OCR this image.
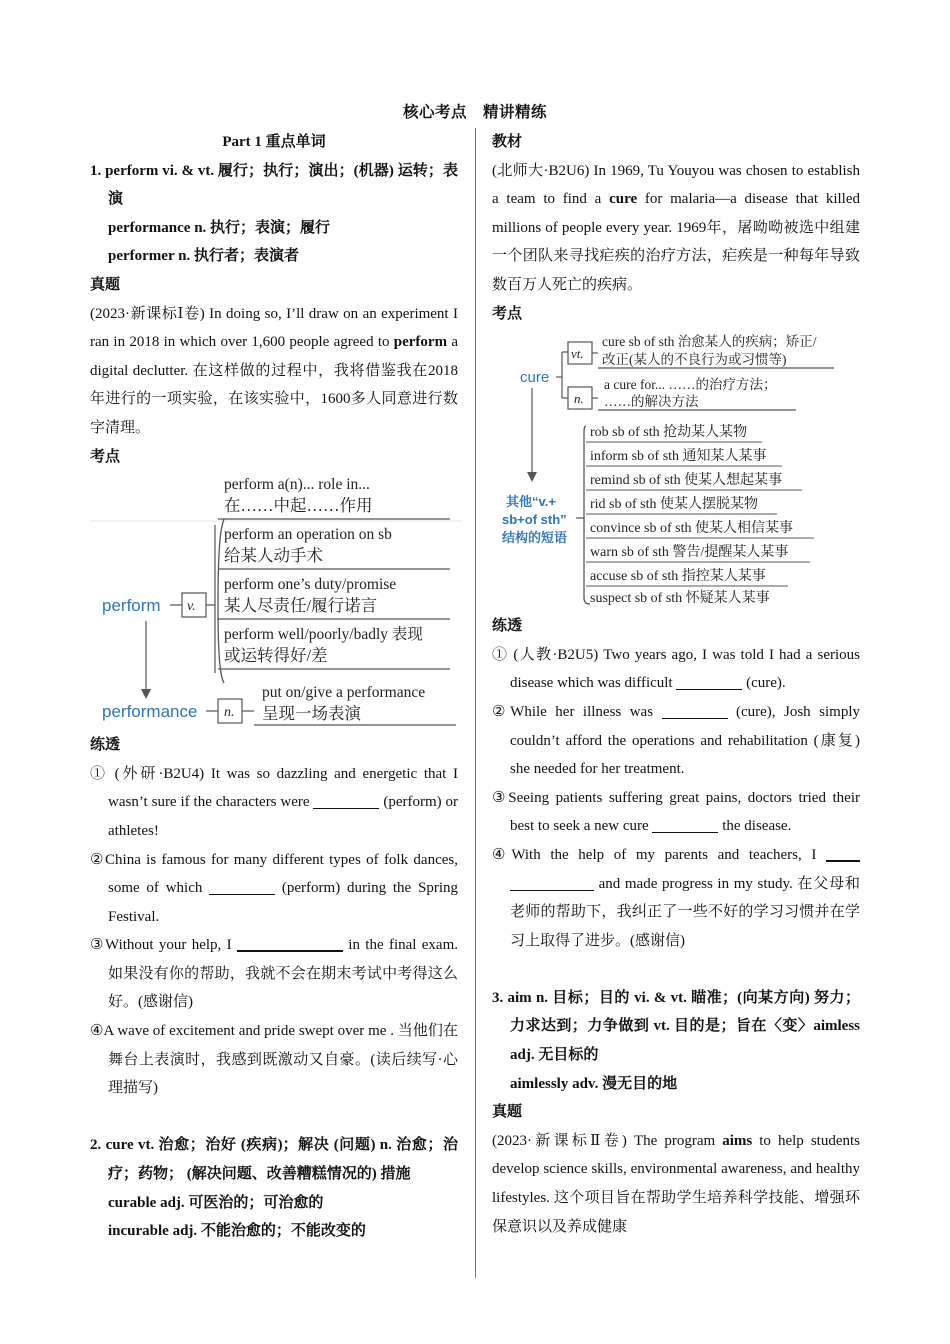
核心考点　精讲精练

Part 1 重点单词

1. perform vi. & vt. 履行；执行；演出；(机器) 运转；表演

performance n. 执行；表演；履行

performer n. 执行者；表演者

真题

(2023·新课标Ⅰ卷) In doing so, I’ll draw on an experiment I ran in 2018 in which over 1,600 people agreed to perform a digital declutter. 在这样做的过程中，我将借鉴我在2018年进行的一项实验，在该实验中，1600多人同意进行数字清理。

考点

perform v.
perform a(n)... role in...
在……中起……作用
perform an operation on sb
给某人动手术
perform one’s duty/promise
某人尽责任/履行诺言
perform well/poorly/badly 表现
或运转得好/差
performance n.
put on/give a performance
呈现一场表演

练透

① (外研·B2U4) It was so dazzling and energetic that I wasn’t sure if the characters were	(perform) or athletes!

②China is famous for many different types of folk dances, some of which	(perform) during the Spring Festival.

③Without your help, I	in the final exam. 如果没有你的帮助，我就不会在期末考试中考得这么好。(感谢信)

④A wave of excitement and pride swept over me . 当他们在舞台上表演时，我感到既激动又自豪。(读后续写·心理描写)

2. cure vt. 治愈；治好 (疾病)；解决 (问题) n. 治愈；治疗；药物； (解决问题、改善糟糕情况的) 措施

curable adj. 可医治的；可治愈的

incurable adj. 不能治愈的；不能改变的

教材

(北师大·B2U6) In 1969, Tu Youyou was chosen to establish a team to find a cure for malaria—a disease that killed millions of people every year. 1969年，屠呦呦被选中组建一个团队来寻找疟疾的治疗方法，疟疾是一种每年导致数百万人死亡的疾病。

考点

cure
vt.
cure sb of sth 治愈某人的疾病；矫正/
改正(某人的不良行为或习惯等)
n.
a cure for... ……的治疗方法；
……的解决方法
其他“v.+
sb+of sth”
结构的短语
rob sb of sth 抢劫某人某物
inform sb of sth 通知某人某事
remind sb of sth 使某人想起某事
rid sb of sth 使某人摆脱某物
convince sb of sth 使某人相信某事
warn sb of sth 警告/提醒某人某事
accuse sb of sth 指控某人某事
suspect sb of sth 怀疑某人某事

练透

① (人教·B2U5) Two years ago, I was told I had a serious disease which was difficult	(cure).

②While her illness was	(cure), Josh simply couldn’t afford the operations and rehabilitation (康复) she needed for her treatment.

③Seeing patients suffering great pains, doctors tried their best to seek a new cure	the disease.

④With the help of my parents and teachers, I   and made progress in my study. 在父母和老师的帮助下，我纠正了一些不好的学习习惯并在学习上取得了进步。(感谢信)

3. aim n. 目标；目的 vi. & vt. 瞄准；(向某方向) 努力；力求达到；力争做到 vt. 目的是；旨在〈变〉aimless adj. 无目标的

aimlessly adv. 漫无目的地

真题

(2023·新课标Ⅱ卷) The program aims to help students develop science skills, environmental awareness, and healthy lifestyles. 这个项目旨在帮助学生培养科学技能、增强环保意识以及养成健康
